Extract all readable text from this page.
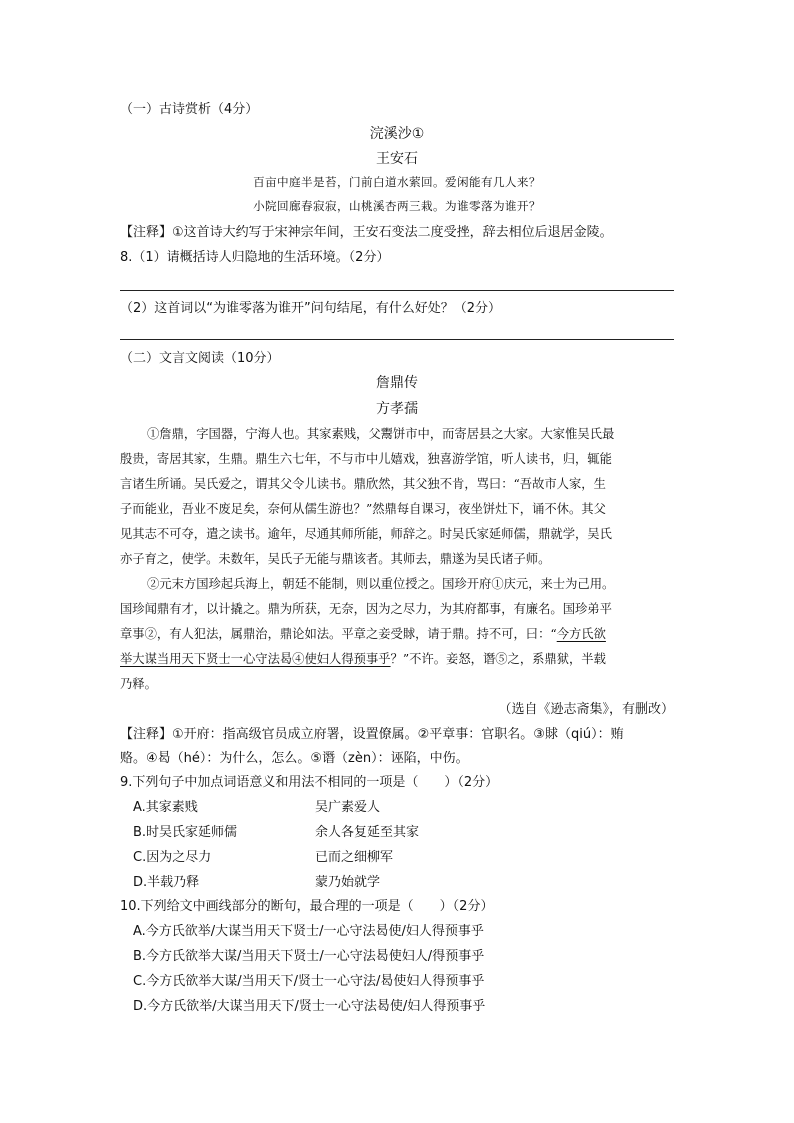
（一）古诗赏析（4分）
浣溪沙①
王安石
百亩中庭半是苔，门前白道水萦回。爱闲能有几人来？
小院回廊春寂寂，山桃溪杏两三栽。为谁零落为谁开？
【注释】①这首诗大约写于宋神宗年间，王安石变法二度受挫，辞去相位后退居金陵。
8.（1）请概括诗人归隐地的生活环境。（2分）
（2）这首词以“为谁零落为谁开”问句结尾，有什么好处？（2分）
（二）文言文阅读（10分）
詹鼎传
方孝孺
①詹鼎，字国器，宁海人也。其家素贱，父鬻饼市中，而寄居县之大家。大家惟吴氏最
殷贵，寄居其家，生鼎。鼎生六七年，不与市中儿嬉戏，独喜游学馆，听人读书，归，辄能
言诸生所诵。吴氏爱之，谓其父令儿读书。鼎欣然，其父独不肯，骂曰：“吾故市人家，生
子而能业，吾业不废足矣，奈何从儒生游也？”然鼎每自课习，夜坐饼灶下，诵不休。其父
见其志不可夺，遣之读书。逾年，尽通其师所能，师辞之。时吴氏家延师儒，鼎就学，吴氏
亦子育之，使学。未数年，吴氏子无能与鼎该者。其师去，鼎遂为吴氏诸子师。
②元末方国珍起兵海上，朝廷不能制，则以重位授之。国珍开府①庆元，来士为己用。
国珍闻鼎有才，以计撬之。鼎为所获，无奈，因为之尽力，为其府都事，有廉名。国珍弟平
章事②，有人犯法，属鼎治，鼎论如法。平章之妾受賕，请于鼎。持不可，曰：“今方氏欲
举大谋当用天下贤士一心守法曷④使妇人得预事乎？”不许。妾怒，谮⑤之，系鼎狱，半载
乃释。
（选自《逊志斋集》，有删改）
【注释】①开府：指高级官员成立府署，设置僚属。②平章事：官职名。③賕（qiú）：贿
赂。④曷（hé）：为什么，怎么。⑤谮（zèn）：诬陷，中伤。
9.下列句子中加点词语意义和用法不相同的一项是（　　）（2分）
A.其家素贱	吴广素爱人
B.时吴氏家延师儒	余人各复延至其家
C.因为之尽力	已而之细柳军
D.半载乃释	蒙乃始就学
10.下列给文中画线部分的断句，最合理的一项是（　　）（2分）
A.今方氏欲举/大谋当用天下贤士/一心守法曷使/妇人得预事乎
B.今方氏欲举大谋/当用天下贤士/一心守法曷使妇人/得预事乎
C.今方氏欲举大谋/当用天下/贤士一心守法/曷使妇人得预事乎
D.今方氏欲举/大谋当用天下/贤士一心守法曷使/妇人得预事乎
